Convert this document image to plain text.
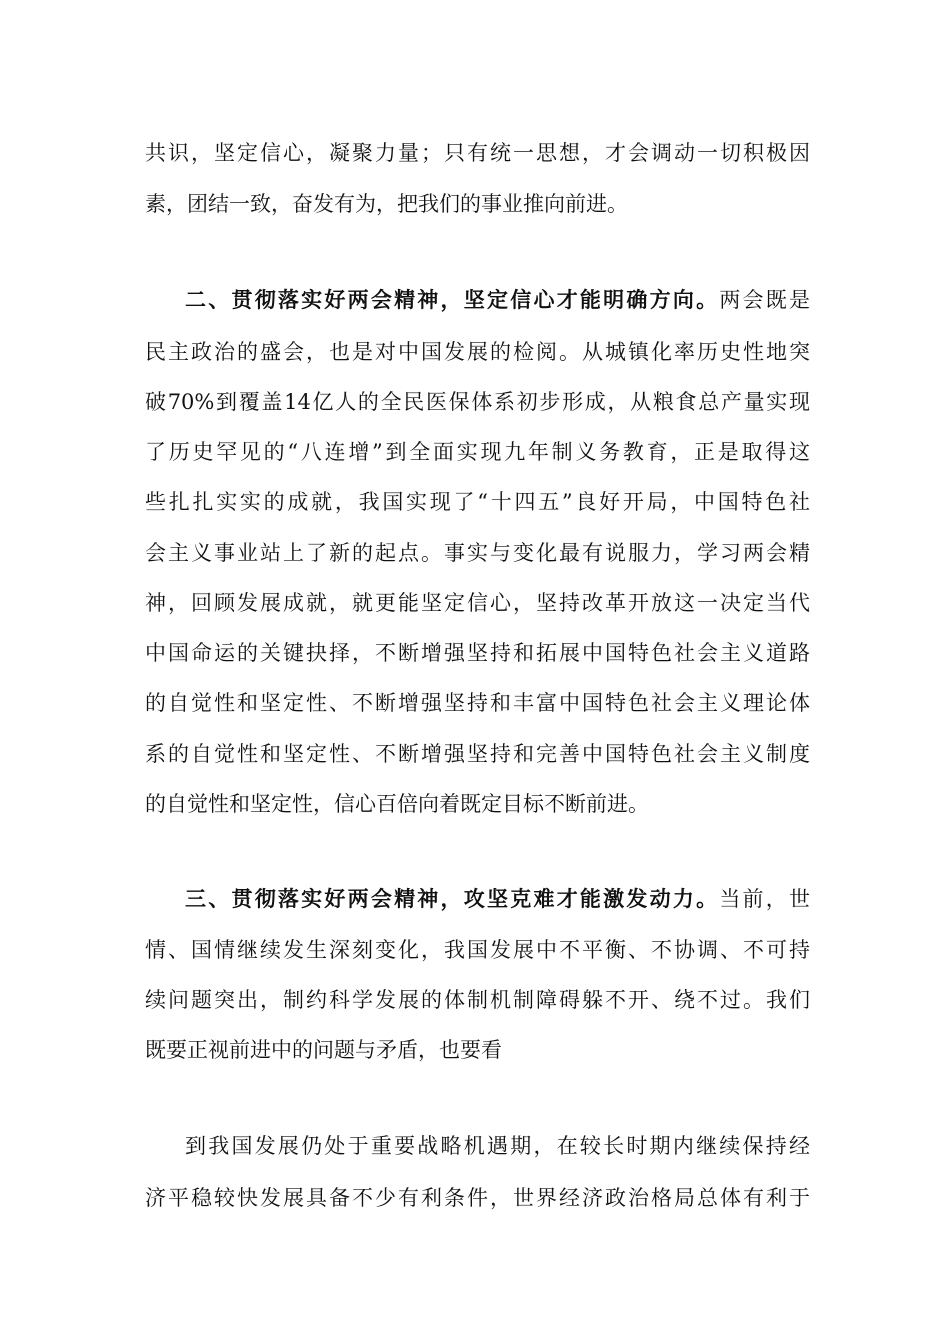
共识，坚定信心，凝聚力量；只有统一思想，才会调动一切积极因
素，团结一致，奋发有为，把我们的事业推向前进。
二、贯彻落实好两会精神，坚定信心才能明确方向。两会既是
民主政治的盛会，也是对中国发展的检阅。从城镇化率历史性地突
破70%到覆盖14亿人的全民医保体系初步形成，从粮食总产量实现
了历史罕见的“八连增”到全面实现九年制义务教育，正是取得这
些扎扎实实的成就，我国实现了“十四五”良好开局，中国特色社
会主义事业站上了新的起点。事实与变化最有说服力，学习两会精
神，回顾发展成就，就更能坚定信心，坚持改革开放这一决定当代
中国命运的关键抉择，不断增强坚持和拓展中国特色社会主义道路
的自觉性和坚定性、不断增强坚持和丰富中国特色社会主义理论体
系的自觉性和坚定性、不断增强坚持和完善中国特色社会主义制度
的自觉性和坚定性，信心百倍向着既定目标不断前进。
三、贯彻落实好两会精神，攻坚克难才能激发动力。当前，世
情、国情继续发生深刻变化，我国发展中不平衡、不协调、不可持
续问题突出，制约科学发展的体制机制障碍躲不开、绕不过。我们
既要正视前进中的问题与矛盾，也要看
到我国发展仍处于重要战略机遇期，在较长时期内继续保持经
济平稳较快发展具备不少有利条件，世界经济政治格局总体有利于
